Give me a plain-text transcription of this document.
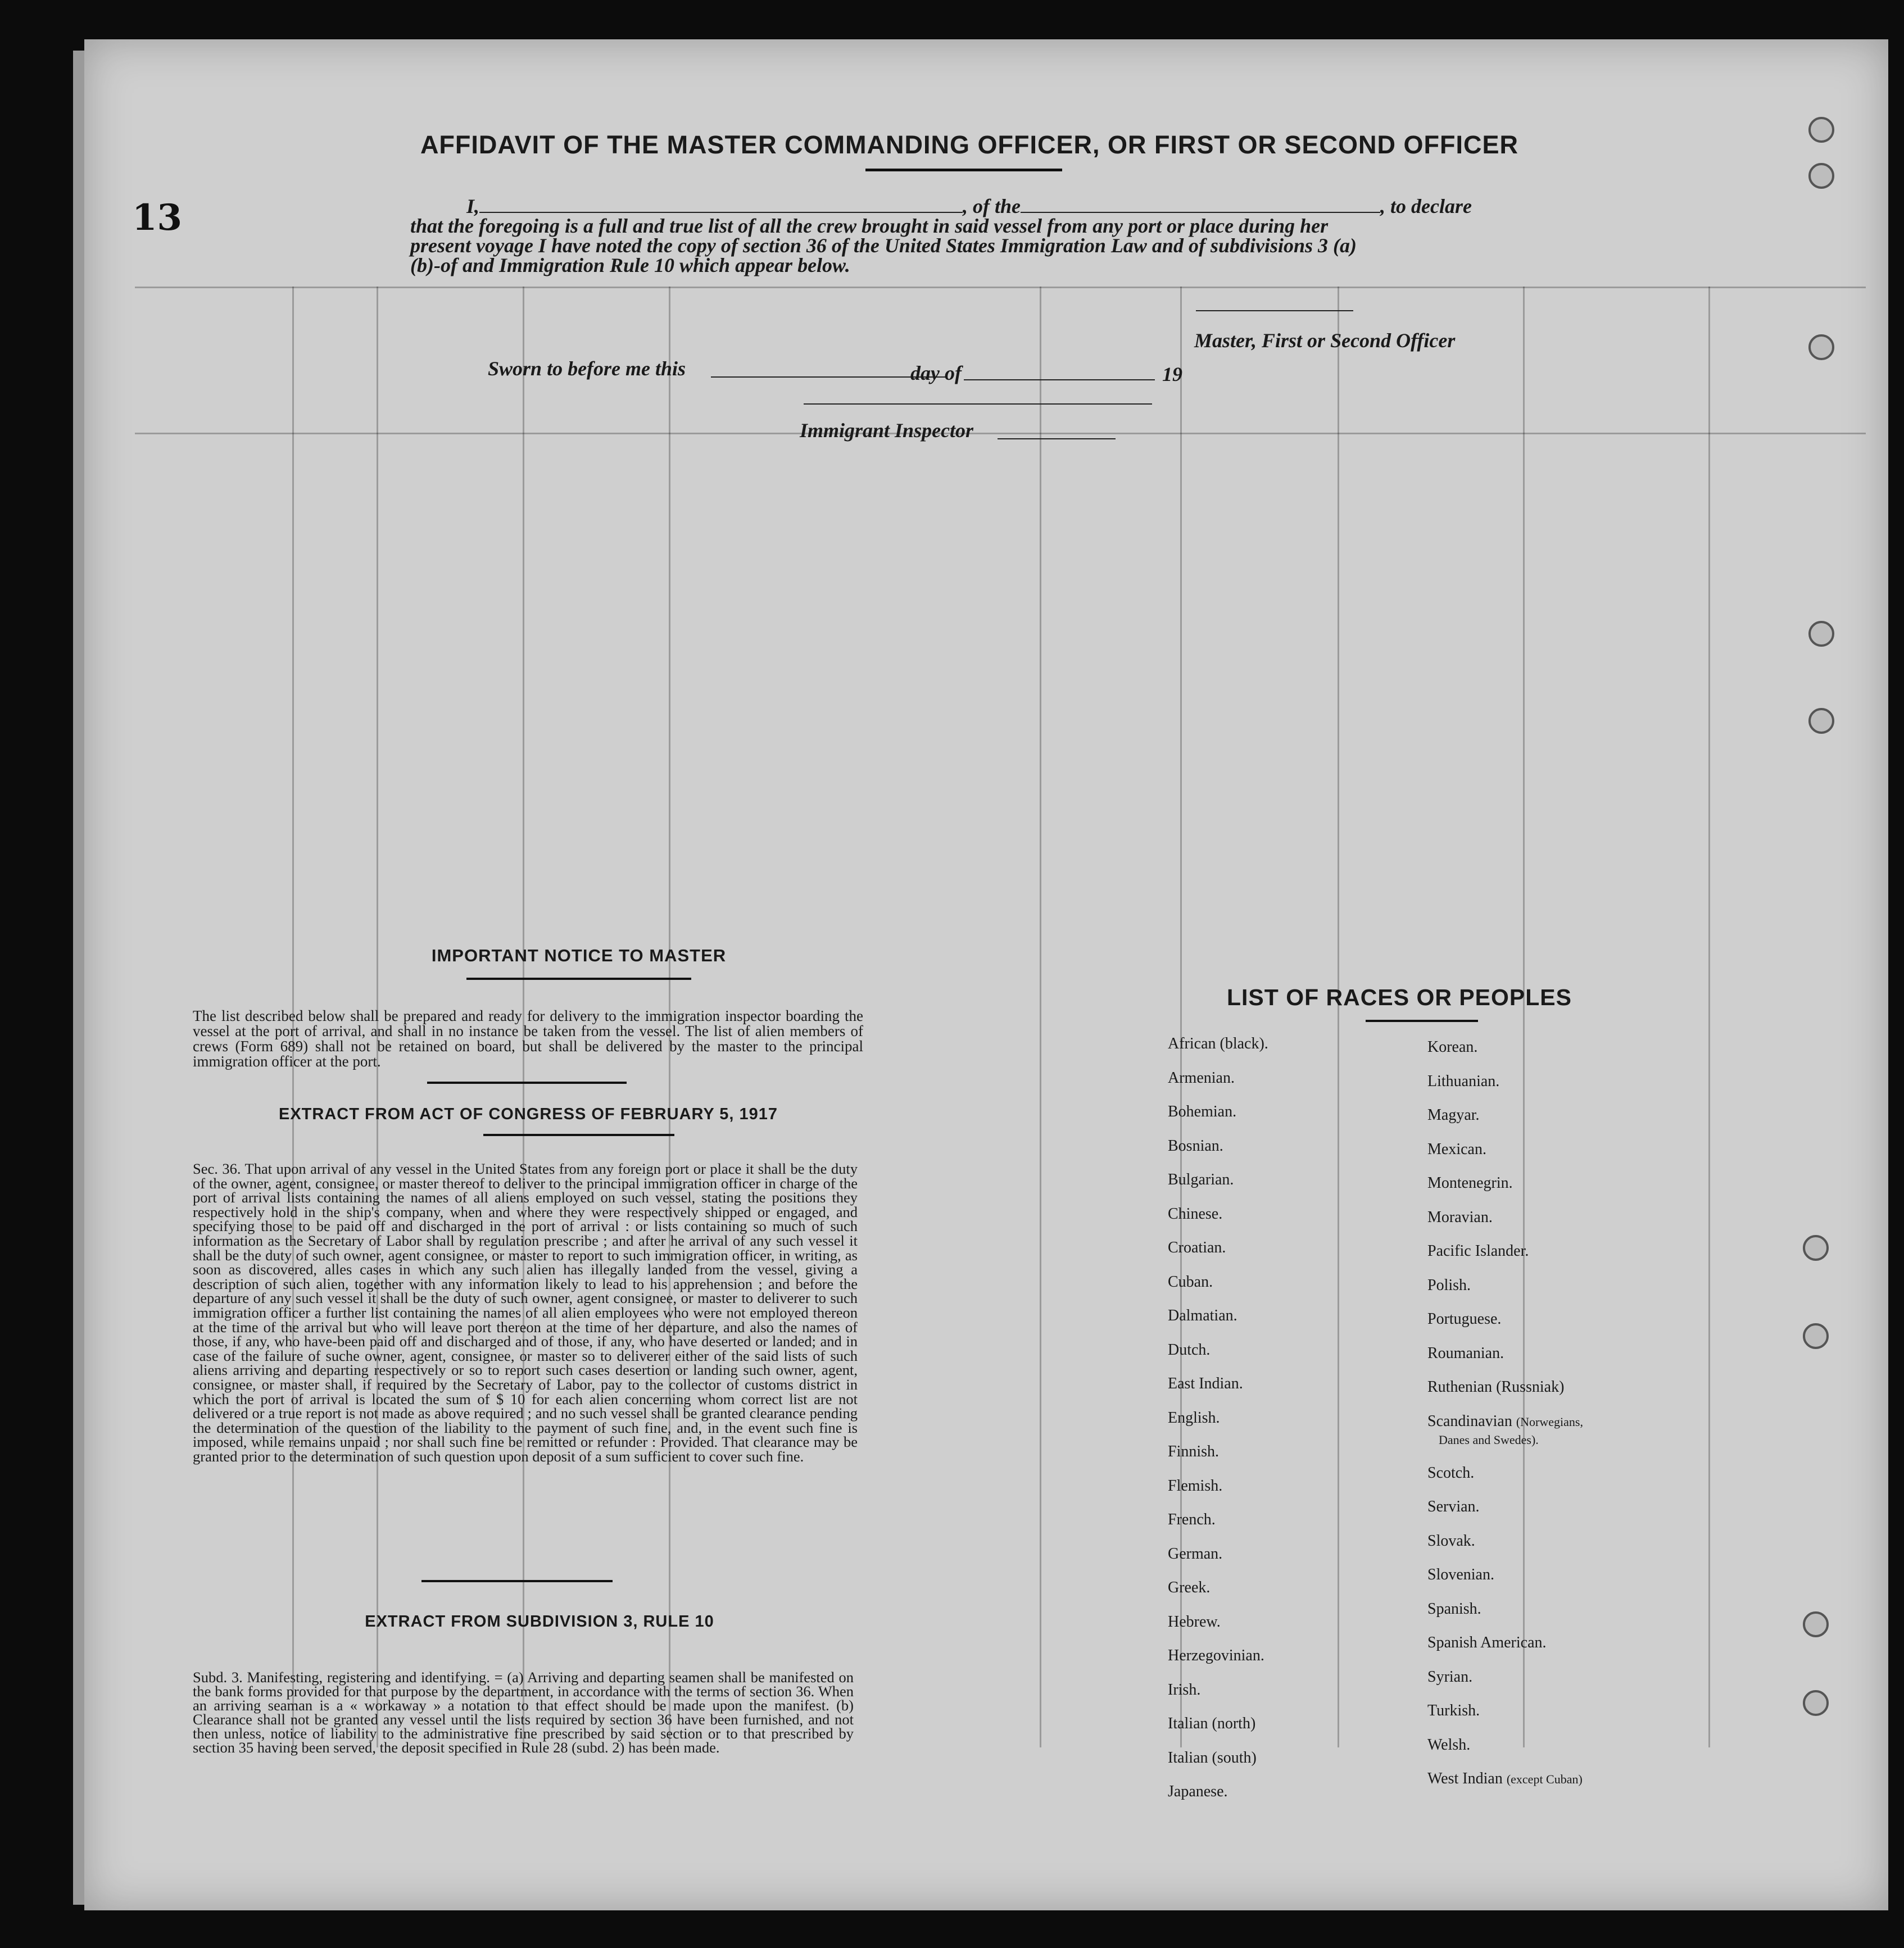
13
AFFIDAVIT OF THE MASTER COMMANDING OFFICER, OR FIRST OR SECOND OFFICER
I,	, of the	, to declare
that the foregoing is a full and true list of all the crew brought in said vessel from any port or place during her
present voyage I have noted the copy of section 36 of the United States Immigration Law and of subdivisions 3 (a)
(b)-of and Immigration Rule 10 which appear below.
Master, First or Second Officer
Sworn to before me this	day of	19
Immigrant Inspector
IMPORTANT NOTICE TO MASTER
The list described below shall be prepared and ready for delivery to the immigration inspector boarding the vessel at the port of arrival, and shall in no instance be taken from the vessel. The list of alien members of crews (Form 689) shall not be retained on board, but shall be delivered by the master to the principal immigration officer at the port.
EXTRACT FROM ACT OF CONGRESS OF FEBRUARY 5, 1917
Sec. 36. That upon arrival of any vessel in the United States from any foreign port or place it shall be the duty of the owner, agent, consignee, or master thereof to deliver to the principal immigration officer in charge of the port of arrival lists containing the names of all aliens employed on such vessel, stating the positions they respectively hold in the ship's company, when and where they were respectively shipped or engaged, and specifying those to be paid off and discharged in the port of arrival : or lists containing so much of such information as the Secretary of Labor shall by regulation prescribe ; and after he arrival of any such vessel it shall be the duty of such owner, agent consignee, or master to report to such immigration officer, in writing, as soon as discovered, alles cases in which any such alien has illegally landed from the vessel, giving a description of such alien, together with any information likely to lead to his apprehension ; and before the departure of any such vessel it shall be the duty of such owner, agent consignee, or master to deliverer to such immigration officer a further list containing the names of all alien employees who were not employed thereon at the time of the arrival but who will leave port thereon at the time of her departure, and also the names of those, if any, who have-been paid off and discharged and of those, if any, who have deserted or landed; and in case of the failure of suche owner, agent, consignee, or master so to deliverer either of the said lists of such aliens arriving and departing respectively or so to report such cases desertion or landing such owner, agent, consignee, or master shall, if required by the Secretary of Labor, pay to the collector of customs district in which the port of arrival is located the sum of $ 10 for each alien concerning whom correct list are not delivered or a true report is not made as above required ; and no such vessel shall be granted clearance pending the determination of the question of the liability to the payment of such fine, and, in the event such fine is imposed, while remains unpaid ; nor shall such fine be remitted or refunder : Provided. That clearance may be granted prior to the determination of such question upon deposit of a sum sufficient to cover such fine.
EXTRACT FROM SUBDIVISION 3, RULE 10
Subd. 3. Manifesting, registering and identifying. = (a) Arriving and departing seamen shall be manifested on the bank forms provided for that purpose by the department, in accordance with the terms of section 36. When an arriving seaman is a « workaway » a notation to that effect should be made upon the manifest. (b) Clearance shall not be granted any vessel until the lists required by section 36 have been furnished, and not then unless, notice of liability to the administrative fine prescribed by said section or to that prescribed by section 35 having been served, the deposit specified in Rule 28 (subd. 2) has been made.
LIST OF RACES OR PEOPLES
African (black).
Armenian.
Bohemian.
Bosnian.
Bulgarian.
Chinese.
Croatian.
Cuban.
Dalmatian.
Dutch.
East Indian.
English.
Finnish.
Flemish.
French.
German.
Greek.
Hebrew.
Herzegovinian.
Irish.
Italian (north)
Italian (south)
Japanese.
Korean.
Lithuanian.
Magyar.
Mexican.
Montenegrin.
Moravian.
Pacific Islander.
Polish.
Portuguese.
Roumanian.
Ruthenian (Russniak)
Scandinavian (Norwegians,
Danes and Swedes).
Scotch.
Servian.
Slovak.
Slovenian.
Spanish.
Spanish American.
Syrian.
Turkish.
Welsh.
West Indian (except Cuban)
